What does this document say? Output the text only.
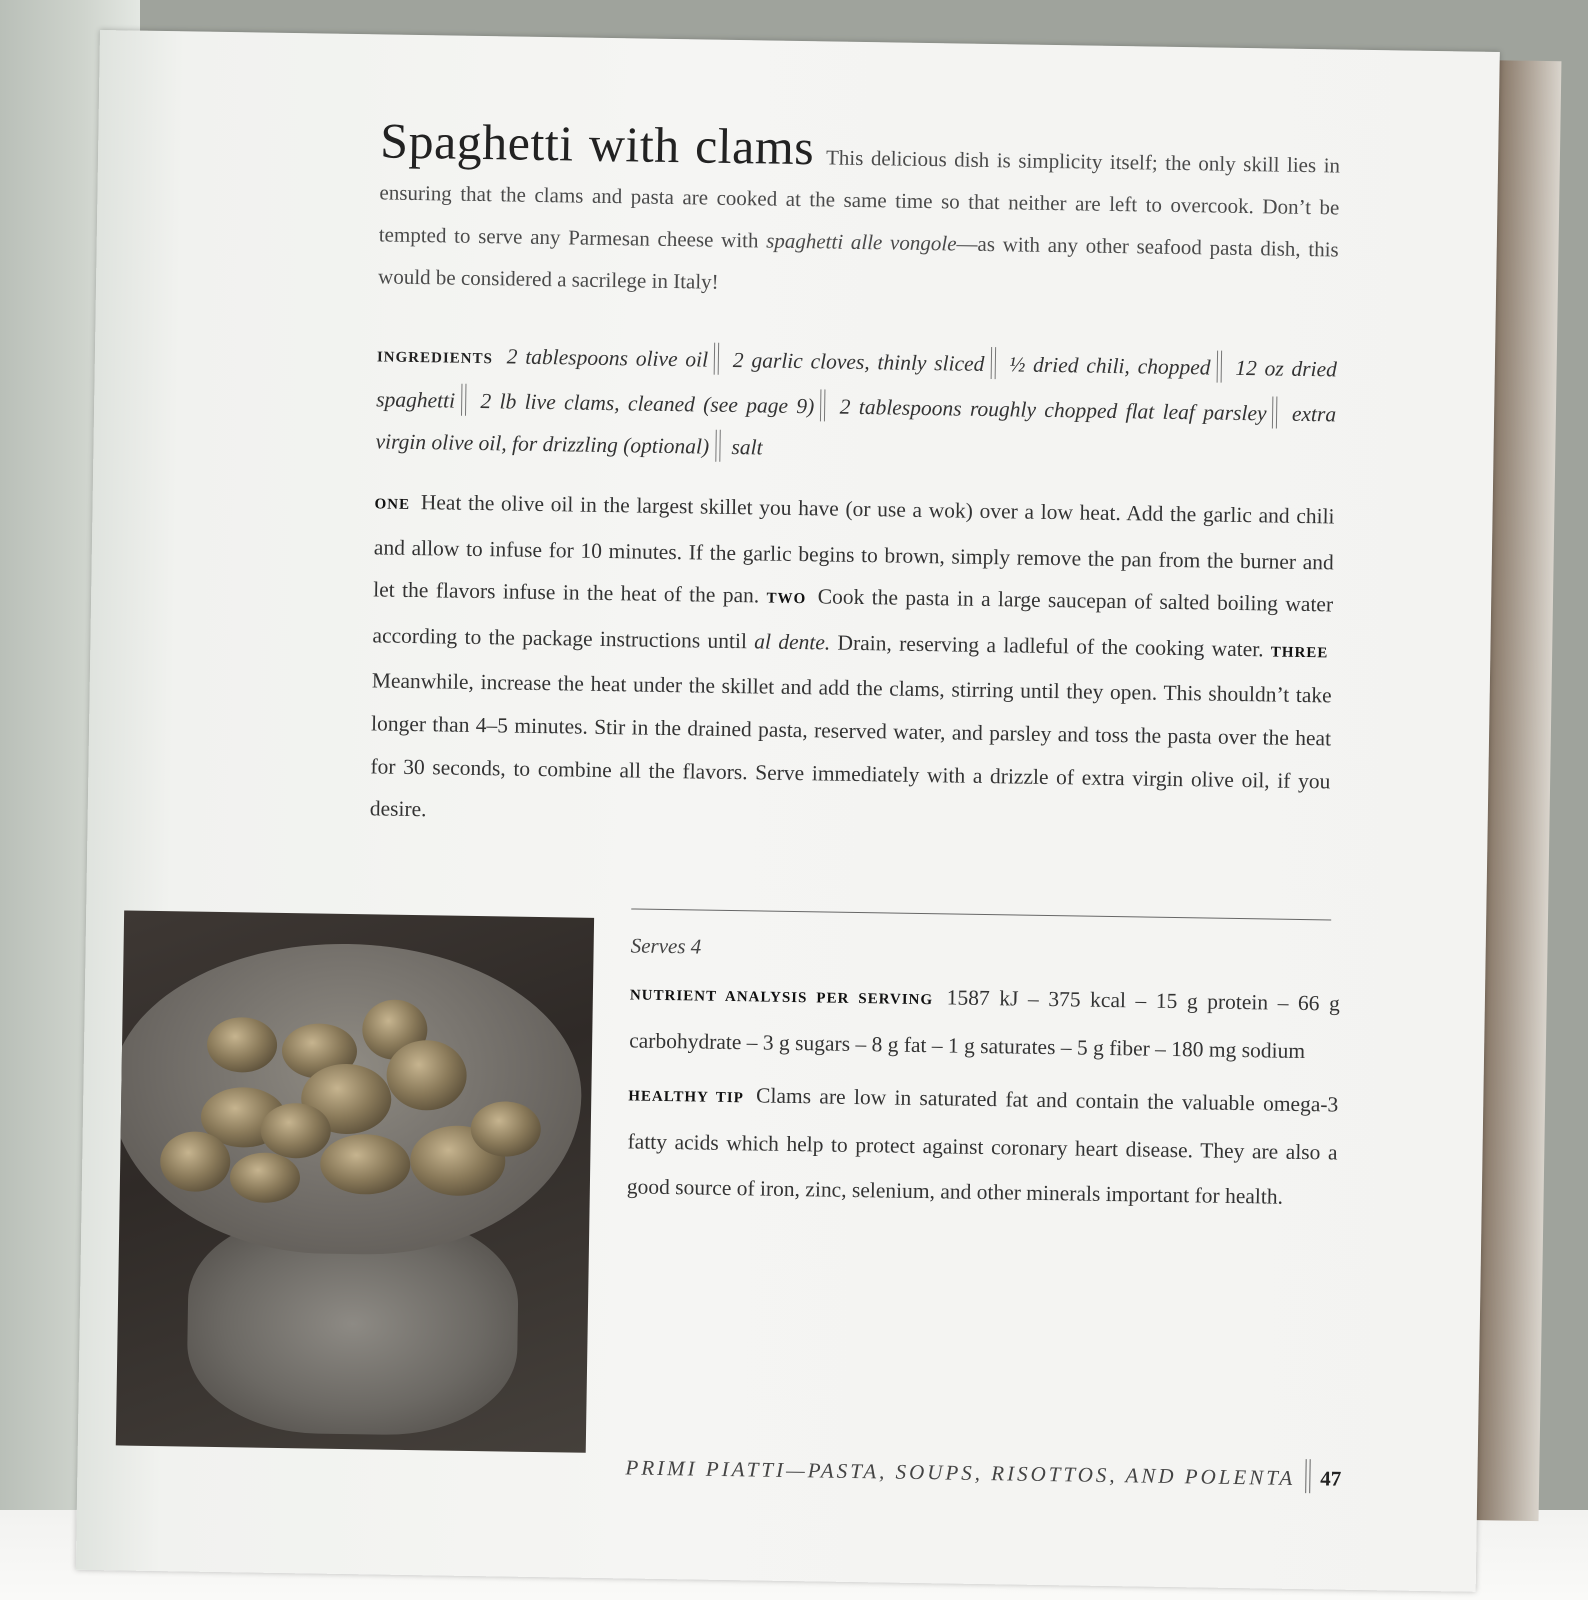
Spaghetti with clams This delicious dish is simplicity itself; the only skill lies in ensuring that the clams and pasta are cooked at the same time so that neither are left to overcook. Don’t be tempted to serve any Parmesan cheese with spaghetti alle vongole—as with any other seafood pasta dish, this would be considered a sacrilege in Italy!
INGREDIENTS 2 tablespoons olive oil 2 garlic cloves, thinly sliced ½ dried chili, chopped 12 oz dried spaghetti 2 lb live clams, cleaned (see page 9) 2 tablespoons roughly chopped flat leaf parsley extra virgin olive oil, for drizzling (optional) salt
ONE Heat the olive oil in the largest skillet you have (or use a wok) over a low heat. Add the garlic and chili and allow to infuse for 10 minutes. If the garlic begins to brown, simply remove the pan from the burner and let the flavors infuse in the heat of the pan. TWO Cook the pasta in a large saucepan of salted boiling water according to the package instructions until al dente. Drain, reserving a ladleful of the cooking water. THREE Meanwhile, increase the heat under the skillet and add the clams, stirring until they open. This shouldn’t take longer than 4–5 minutes. Stir in the drained pasta, reserved water, and parsley and toss the pasta over the heat for 30 seconds, to combine all the flavors. Serve immediately with a drizzle of extra virgin olive oil, if you desire.
Serves 4
NUTRIENT ANALYSIS PER SERVING 1587 kJ – 375 kcal – 15 g protein – 66 g carbohydrate – 3 g sugars – 8 g fat – 1 g saturates – 5 g fiber – 180 mg sodium
HEALTHY TIP Clams are low in saturated fat and contain the valuable omega-3 fatty acids which help to protect against coronary heart disease. They are also a good source of iron, zinc, selenium, and other minerals important for health.
PRIMI PIATTI—PASTA, SOUPS, RISOTTOS, AND POLENTA 47
